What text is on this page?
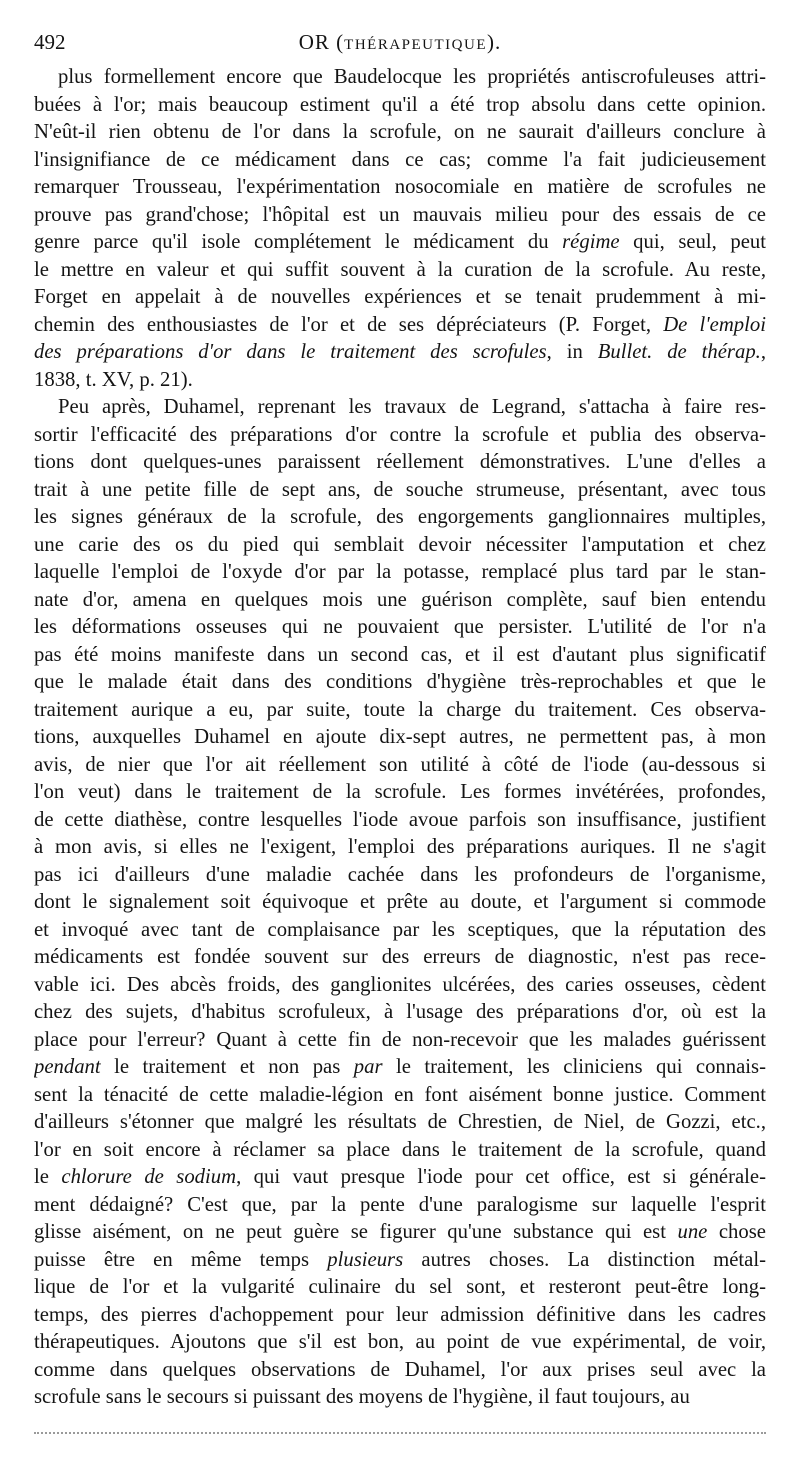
492	OR (THÉRAPEUTIQUE).
plus formellement encore que Baudelocque les propriétés antiscrofuleuses attri-
buées à l'or; mais beaucoup estiment qu'il a été trop absolu dans cette opinion.
N'eût-il rien obtenu de l'or dans la scrofule, on ne saurait d'ailleurs conclure à
l'insignifiance de ce médicament dans ce cas; comme l'a fait judicieusement
remarquer Trousseau, l'expérimentation nosocomiale en matière de scrofules ne
prouve pas grand'chose; l'hôpital est un mauvais milieu pour des essais de ce
genre parce qu'il isole complétement le médicament du régime qui, seul, peut
le mettre en valeur et qui suffit souvent à la curation de la scrofule. Au reste,
Forget en appelait à de nouvelles expériences et se tenait prudemment à mi-
chemin des enthousiastes de l'or et de ses dépréciateurs (P. Forget, De l'emploi
des préparations d'or dans le traitement des scrofules, in Bullet. de thérap.,
1838, t. XV, p. 21).
Peu après, Duhamel, reprenant les travaux de Legrand, s'attacha à faire res-
sortir l'efficacité des préparations d'or contre la scrofule et publia des observa-
tions dont quelques-unes paraissent réellement démonstratives. L'une d'elles a
trait à une petite fille de sept ans, de souche strumeuse, présentant, avec tous
les signes généraux de la scrofule, des engorgements ganglionnaires multiples,
une carie des os du pied qui semblait devoir nécessiter l'amputation et chez
laquelle l'emploi de l'oxyde d'or par la potasse, remplacé plus tard par le stan-
nate d'or, amena en quelques mois une guérison complète, sauf bien entendu
les déformations osseuses qui ne pouvaient que persister. L'utilité de l'or n'a
pas été moins manifeste dans un second cas, et il est d'autant plus significatif
que le malade était dans des conditions d'hygiène très-reprochables et que le
traitement aurique a eu, par suite, toute la charge du traitement. Ces observa-
tions, auxquelles Duhamel en ajoute dix-sept autres, ne permettent pas, à mon
avis, de nier que l'or ait réellement son utilité à côté de l'iode (au-dessous si
l'on veut) dans le traitement de la scrofule. Les formes invétérées, profondes,
de cette diathèse, contre lesquelles l'iode avoue parfois son insuffisance, justifient
à mon avis, si elles ne l'exigent, l'emploi des préparations auriques. Il ne s'agit
pas ici d'ailleurs d'une maladie cachée dans les profondeurs de l'organisme,
dont le signalement soit équivoque et prête au doute, et l'argument si commode
et invoqué avec tant de complaisance par les sceptiques, que la réputation des
médicaments est fondée souvent sur des erreurs de diagnostic, n'est pas rece-
vable ici. Des abcès froids, des ganglionites ulcérées, des caries osseuses, cèdent
chez des sujets, d'habitus scrofuleux, à l'usage des préparations d'or, où est la
place pour l'erreur? Quant à cette fin de non-recevoir que les malades guérissent
pendant le traitement et non pas par le traitement, les cliniciens qui connais-
sent la ténacité de cette maladie-légion en font aisément bonne justice. Comment
d'ailleurs s'étonner que malgré les résultats de Chrestien, de Niel, de Gozzi, etc.,
l'or en soit encore à réclamer sa place dans le traitement de la scrofule, quand
le chlorure de sodium, qui vaut presque l'iode pour cet office, est si générale-
ment dédaigné? C'est que, par la pente d'une paralogisme sur laquelle l'esprit
glisse aisément, on ne peut guère se figurer qu'une substance qui est une chose
puisse être en même temps plusieurs autres choses. La distinction métal-
lique de l'or et la vulgarité culinaire du sel sont, et resteront peut-être long-
temps, des pierres d'achoppement pour leur admission définitive dans les cadres
thérapeutiques. Ajoutons que s'il est bon, au point de vue expérimental, de voir,
comme dans quelques observations de Duhamel, l'or aux prises seul avec la
scrofule sans le secours si puissant des moyens de l'hygiène, il faut toujours, au
